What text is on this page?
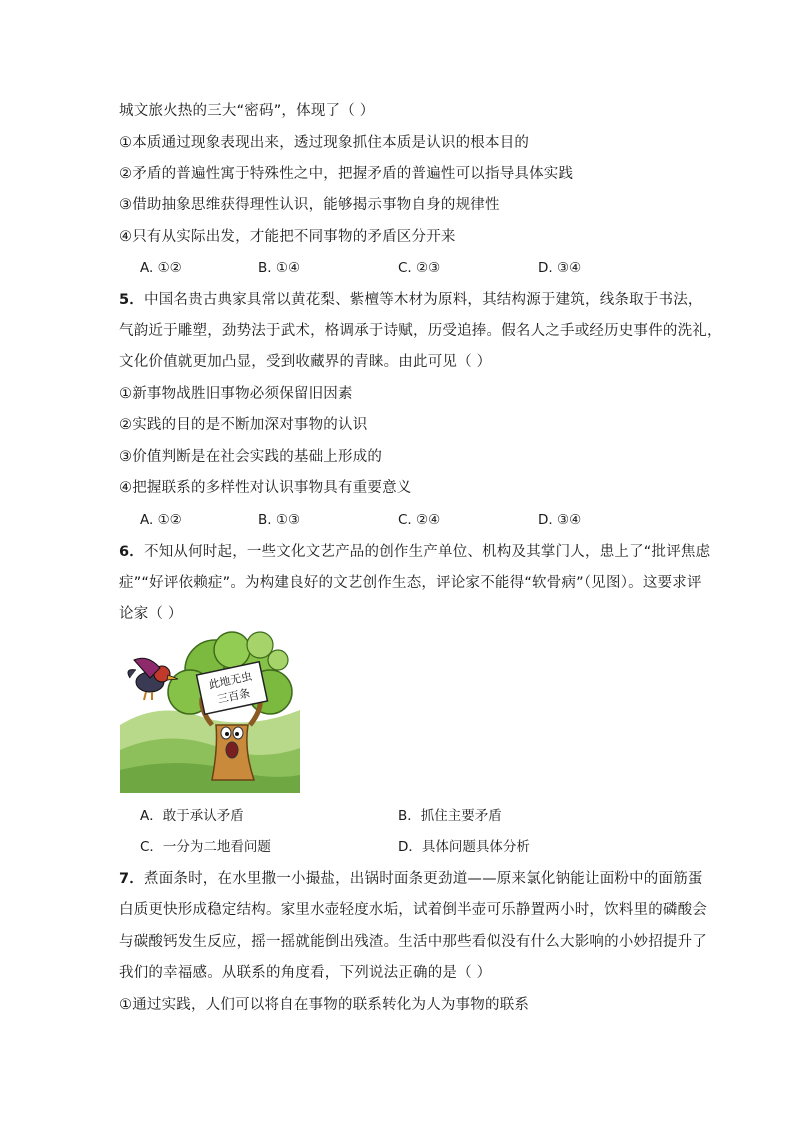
城文旅火热的三大“密码”，体现了（ ）
①本质通过现象表现出来，透过现象抓住本质是认识的根本目的
②矛盾的普遍性寓于特殊性之中，把握矛盾的普遍性可以指导具体实践
③借助抽象思维获得理性认识，能够揭示事物自身的规律性
④只有从实际出发，才能把不同事物的矛盾区分开来
A. ①②	B. ①④	C. ②③	D. ③④
5．中国名贵古典家具常以黄花梨、紫檀等木材为原料，其结构源于建筑，线条取于书法，
气韵近于雕塑，劲势法于武术，格调承于诗赋，历受追捧。假名人之手或经历史事件的洗礼，
文化价值就更加凸显，受到收藏界的青睐。由此可见（ ）
①新事物战胜旧事物必须保留旧因素
②实践的目的是不断加深对事物的认识
③价值判断是在社会实践的基础上形成的
④把握联系的多样性对认识事物具有重要意义
A. ①②	B. ①③	C. ②④	D. ③④
6．不知从何时起，一些文化文艺产品的创作生产单位、机构及其掌门人，患上了“批评焦虑
症”“好评依赖症”。为构建良好的文艺创作生态，评论家不能得“软骨病”（见图）。这要求评
论家（ ）
此地无虫
三百条
A．敢于承认矛盾	B．抓住主要矛盾
C．一分为二地看问题	D．具体问题具体分析
7．煮面条时，在水里撒一小撮盐，出锅时面条更劲道——原来氯化钠能让面粉中的面筋蛋
白质更快形成稳定结构。家里水壶轻度水垢，试着倒半壶可乐静置两小时，饮料里的磷酸会
与碳酸钙发生反应，摇一摇就能倒出残渣。生活中那些看似没有什么大影响的小妙招提升了
我们的幸福感。从联系的角度看，下列说法正确的是（ ）
①通过实践，人们可以将自在事物的联系转化为人为事物的联系
